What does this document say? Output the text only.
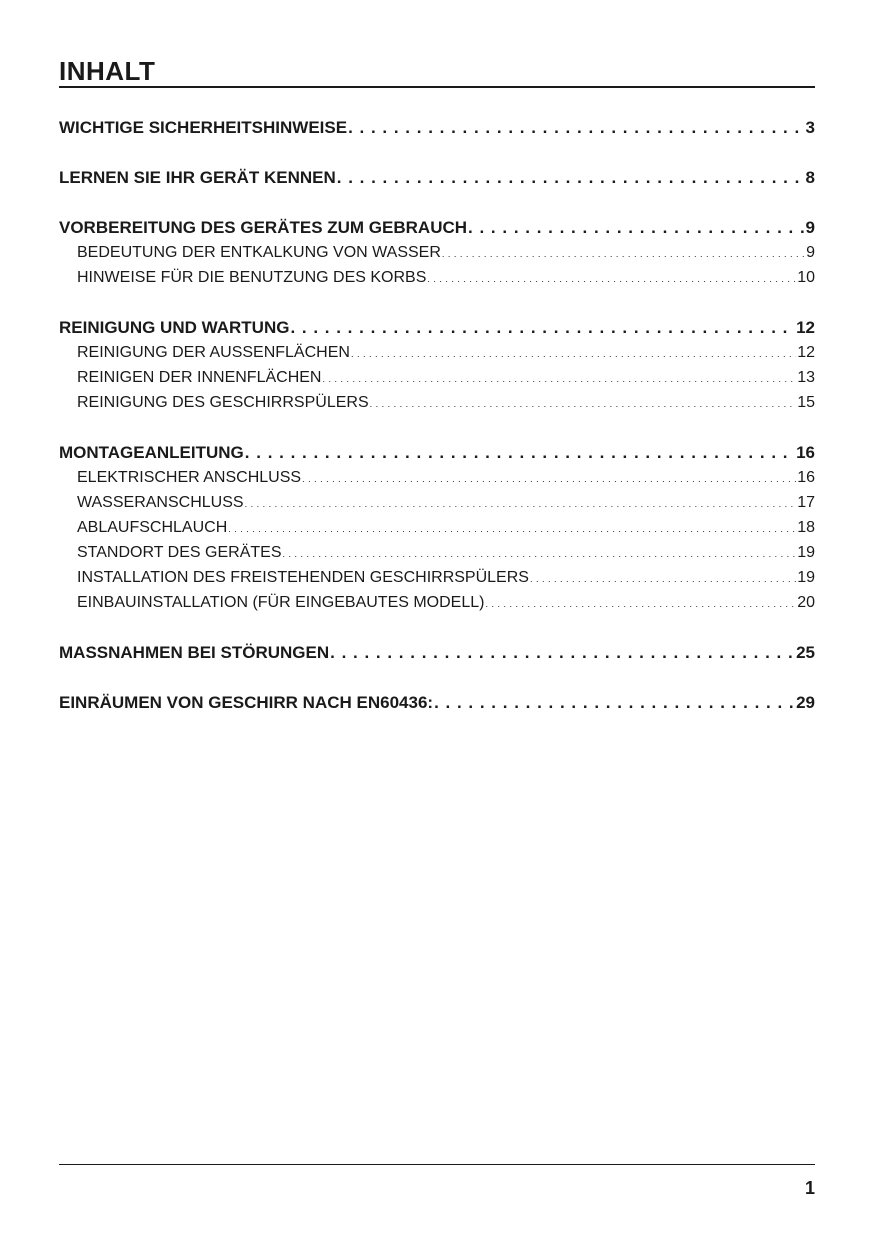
INHALT
WICHTIGE SICHERHEITSHINWEISE . . .	3
LERNEN SIE IHR GERÄT KENNEN . . .	8
VORBEREITUNG DES GERÄTES ZUM GEBRAUCH . . .	9
BEDEUTUNG DER ENTKALKUNG VON WASSER . . .	9
HINWEISE FÜR DIE BENUTZUNG DES KORBS . . .	10
REINIGUNG UND WARTUNG . . .	12
REINIGUNG DER AUSSENFLÄCHEN . . .	12
REINIGEN DER INNENFLÄCHEN . . .	13
REINIGUNG DES GESCHIRRSPÜLERS . . .	15
MONTAGEANLEITUNG . . .	16
ELEKTRISCHER ANSCHLUSS . . .	16
WASSERANSCHLUSS . . .	17
ABLAUFSCHLAUCH . . .	18
STANDORT DES GERÄTES . . .	19
INSTALLATION DES FREISTEHENDEN GESCHIRRSPÜLERS . . .	19
EINBAUINSTALLATION (FÜR EINGEBAUTES MODELL) . . .	20
MASSNAHMEN BEI STÖRUNGEN . . .	25
EINRÄUMEN VON GESCHIRR NACH EN60436: . . .	29
1
